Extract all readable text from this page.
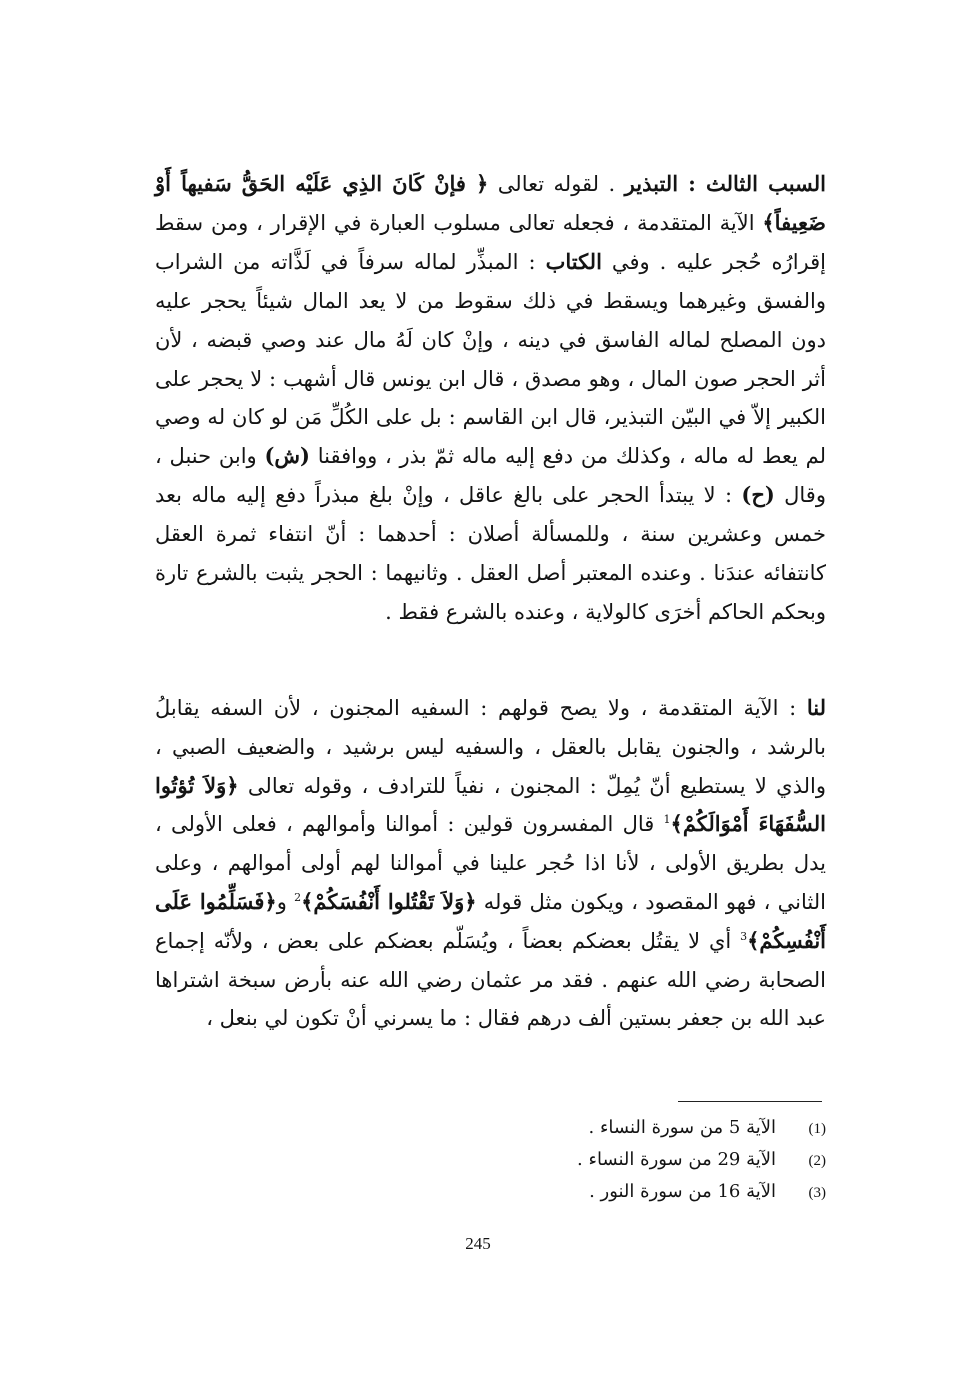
السبب الثالث : التبذير . لقوله تعالى ﴿ فإنْ كَانَ الذِي عَلَيْه الحَقُّ سَفيهاً أَوْ ضَعِيفاً﴾ الآية المتقدمة ، فجعله تعالى مسلوب العبارة في الإقرار ، ومن سقط إقرارُه حُجر عليه . وفي الكتاب : المبذِّر لماله سرفاً في لَذَّاته من الشراب والفسق وغيرهما ويسقط في ذلك سقوط من لا يعد المال شيئاً يحجر عليه دون المصلح لماله الفاسق في دينه ، وإنْ كان لَهُ مال عند وصي قبضه ، لأن أثر الحجر صون المال ، وهو مصدق ، قال ابن يونس قال أشهب : لا يحجر على الكبير إلاّ في البيّن التبذير، قال ابن القاسم : بل على الكُلِّ مَن لو كان له وصي لم يعط له ماله ، وكذلك من دفع إليه ماله ثمّ بذر ، ووافقنا (ش) وابن حنبل ، وقال (ح) : لا يبتدأ الحجر على بالغ عاقل ، وإنْ بلغ مبذراً دفع إليه ماله بعد خمس وعشرين سنة ، وللمسألة أصلان : أحدهما : أنّ انتفاء ثمرة العقل كانتفائه عندَنا . وعنده المعتبر أصل العقل . وثانيهما : الحجر يثبت بالشرع تارة وبحكم الحاكم أخرَى كالولاية ، وعنده بالشرع فقط .

لنا : الآية المتقدمة ، ولا يصح قولهم : السفيه المجنون ، لأن السفه يقابلُ بالرشد ، والجنون يقابل بالعقل ، والسفيه ليس برشيد ، والضعيف الصبي ، والذي لا يستطيع أنّ يُمِلّ : المجنون ، نفياً للترادف ، وقوله تعالى ﴿وَلاَ تُؤتُوا السُّفَهَاءَ أَمْوَالَكُمْ﴾$^1$ قال المفسرون قولين : أموالنا وأموالهم ، فعلى الأولى ، يدل بطريق الأولى ، لأنا اذا حُجر علينا في أموالنا لهم أولى أموالهم ، وعلى الثاني ، فهو المقصود ، ويكون مثل قوله ﴿وَلاَ تَقْتُلوا أَنْفُسَكُمْ﴾$^2$ و﴿فَسَلِّمُوا عَلَى أَنْفُسِكُمْ﴾$^3$ أي لا يقتُل بعضكم بعضاً ، ويُسَلّم بعضكم على بعض ، ولأنّه إجماع الصحابة رضي الله عنهم . فقد مر عثمان رضي الله عنه بأرض سبخة اشتراها عبد الله بن جعفر بستين ألف درهم فقال : ما يسرني أنْ تكون لي بنعل ،

(1)
الآية 5 من سورة النساء .
(2)
الآية 29 من سورة النساء .
(3)
الآية 16 من سورة النور .
245
